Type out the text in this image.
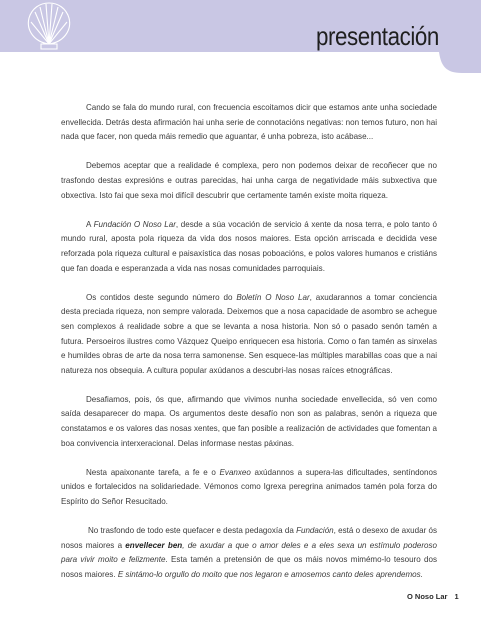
presentación

Cando se fala do mundo rural, con frecuencia escoitamos dicir que estamos ante unha sociedade envellecida. Detrás desta afirmación hai unha serie de connotacións negativas: non temos futuro, non hai nada que facer, non queda máis remedio que aguantar, é unha pobreza, isto acábase...

Debemos aceptar que a realidade é complexa, pero non podemos deixar de recoñecer que no trasfondo destas expresións e outras parecidas, hai unha carga de negatividade máis subxectiva que obxectiva. Isto fai que sexa moi difícil descubrir que certamente tamén existe moita riqueza.

A Fundación O Noso Lar, desde a súa vocación de servicio á xente da nosa terra, e polo tanto ó mundo rural, aposta pola riqueza da vida dos nosos maiores. Esta opción arriscada e decidida vese reforzada pola riqueza cultural e paisaxística das nosas poboacións, e polos valores humanos e cristiáns que fan doada e esperanzada a vida nas nosas comunidades parroquiais.

Os contidos deste segundo número do Boletín O Noso Lar, axudarannos a tomar conciencia desta preciada riqueza, non sempre valorada. Deixemos que a nosa capacidade de asombro se achegue sen complexos á realidade sobre a que se levanta a nosa historia. Non só o pasado senón tamén a futura. Persoeiros ilustres como Vázquez Queipo enriquecen esa historia. Como o fan tamén as sinxelas e humildes obras de arte da nosa terra samonense. Sen esquece-las múltiples marabillas coas que a nai natureza nos obsequia. A cultura popular axúdanos a descubri-las nosas raíces etnográficas.

Desafiamos, pois, ós que, afirmando que vivimos nunha sociedade envellecida, só ven como saída desaparecer do mapa. Os argumentos deste desafío non son as palabras, senón a riqueza que constatamos e os valores das nosas xentes, que fan posible a realización de actividades que fomentan a boa convivencia interxeracional. Delas informase nestas páxinas.

Nesta apaixonante tarefa, a fe e o Evanxeo axúdannos a supera-las dificultades, sentíndonos unidos e fortalecidos na solidariedade. Vémonos como Igrexa peregrina animados tamén pola forza do Espírito do Señor Resucitado.

No trasfondo de todo este quefacer e desta pedagoxía da Fundación, está o desexo de axudar ós nosos maiores a envellecer ben, de axudar a que o amor deles e a eles sexa un estímulo poderoso para vivir moito e felizmente. Esta tamén a pretensión de que os máis novos mimémo-lo tesouro dos nosos maiores. E sintámo-lo orgullo do moito que nos legaron e amosemos canto deles aprendemos.

O Noso Lar 1
